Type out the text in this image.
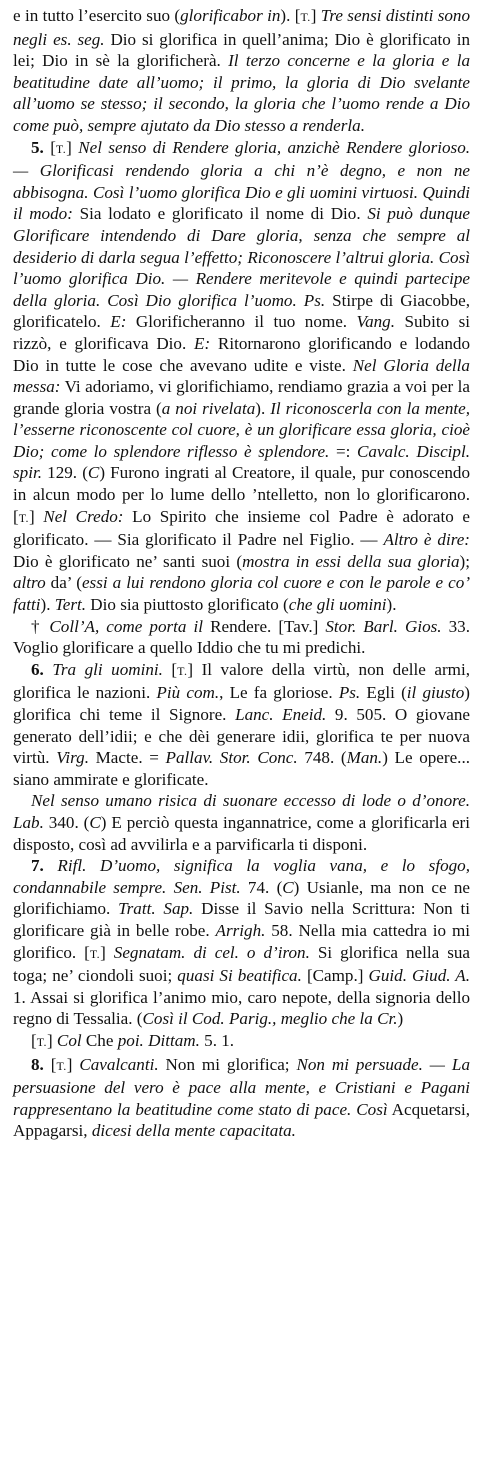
e in tutto l’esercito suo (glorificabor in). [T.] Tre sensi distinti sono negli es. seg. Dio si glorifica in quell’anima; Dio è glorificato in lei; Dio in sè la glorificherà. Il terzo concerne e la gloria e la beatitudine date all’uomo; il primo, la gloria di Dio svelante all’uomo se stesso; il secondo, la gloria che l’uomo rende a Dio come può, sempre ajutato da Dio stesso a renderla.

5. [T.] Nel senso di Rendere gloria, anzichè Rendere glorioso. — Glorificasi rendendo gloria a chi n’è degno, e non ne abbisogna. Così l’uomo glorifica Dio e gli uomini virtuosi. Quindi il modo: Sia lodato e glorificato il nome di Dio. Si può dunque Glorificare intendendo di Dare gloria, senza che sempre al desiderio di darla segua l’effetto; Riconoscere l’altrui gloria. Così l’uomo glorifica Dio. — Rendere meritevole e quindi partecipe della gloria. Così Dio glorifica l’uomo. Ps. Stirpe di Giacobbe, glorificatelo. E: Glorificheranno il tuo nome. Vang. Subito si rizzò, e glorificava Dio. E: Ritornarono glorificando e lodando Dio in tutte le cose che avevano udite e viste. Nel Gloria della messa: Vi adoriamo, vi glorifichiamo, rendiamo grazia a voi per la grande gloria vostra (a noi rivelata). Il riconoscerla con la mente, l’esserne riconoscente col cuore, è un glorificare essa gloria, cioè Dio; come lo splendore riflesso è splendore. =: Cavalc. Discipl. spir. 129. (C) Furono ingrati al Creatore, il quale, pur conoscendo in alcun modo per lo lume dello ’ntelletto, non lo glorificarono. [T.] Nel Credo: Lo Spirito che insieme col Padre è adorato e glorificato. — Sia glorificato il Padre nel Figlio. — Altro è dire: Dio è glorificato ne’ santi suoi (mostra in essi della sua gloria); altro da’ (essi a lui rendono gloria col cuore e con le parole e co’ fatti). Tert. Dio sia piuttosto glorificato (che gli uomini).

† Coll’A, come porta il Rendere. [Tav.] Stor. Barl. Gios. 33. Voglio glorificare a quello Iddio che tu mi predichi.

6. Tra gli uomini. [T.] Il valore della virtù, non delle armi, glorifica le nazioni. Più com., Le fa gloriose. Ps. Egli (il giusto) glorifica chi teme il Signore. Lanc. Eneid. 9. 505. O giovane generato dell’idii; e che dèi generare idii, glorifica te per nuova virtù. Virg. Macte. = Pallav. Stor. Conc. 748. (Man.) Le opere... siano ammirate e glorificate.

Nel senso umano risica di suonare eccesso di lode o d’onore. Lab. 340. (C) E perciò questa ingannatrice, come a glorificarla eri disposto, così ad avvilirla e a parvificarla ti disponi.

7. Rifl. D’uomo, significa la voglia vana, e lo sfogo, condannabile sempre. Sen. Pist. 74. (C) Usianle, ma non ce ne glorifichiamo. Tratt. Sap. Disse il Savio nella Scrittura: Non ti glorificare già in belle robe. Arrigh. 58. Nella mia cattedra io mi glorifico. [T.] Segnatam. di cel. o d’iron. Si glorifica nella sua toga; ne’ ciondoli suoi; quasi Si beatifica. [Camp.] Guid. Giud. A. 1. Assai si glorifica l’animo mio, caro nepote, della signoria dello regno di Tessalia. (Così il Cod. Parig., meglio che la Cr.)

[T.] Col Che poi. Dittam. 5. 1.

8. [T.] Cavalcanti. Non mi glorifica; Non mi persuade. — La persuasione del vero è pace alla mente, e Cristiani e Pagani rappresentano la beatitudine come stato di pace. Così Acquetarsi, Appagarsi, dicesi della mente capacitata.
